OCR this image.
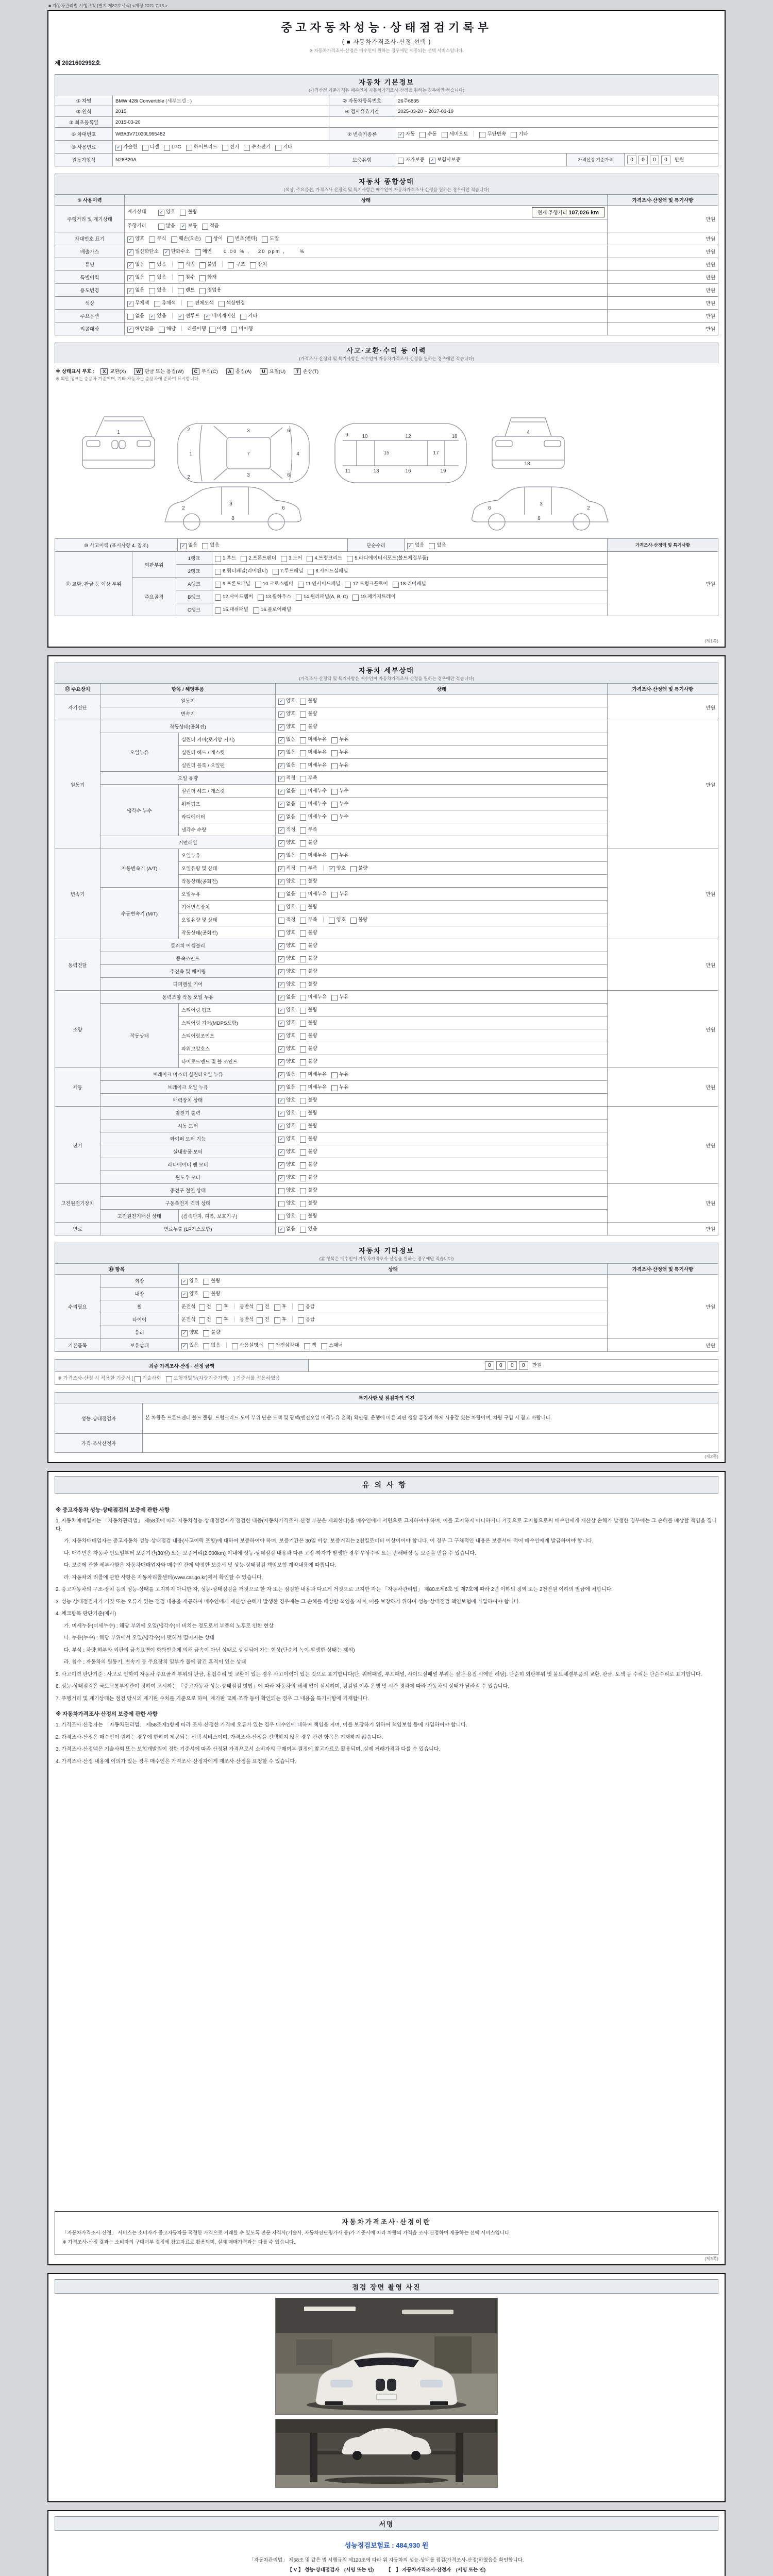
■ 자동차관리법 시행규칙 [별지 제82호서식] <개정 2021.7.13.>
중고자동차성능·상태점검기록부
( ■ 자동차가격조사·산정 선택 )
※ 자동차가격조사·산정은 매수인이 원하는 경우에만 제공되는 선택 서비스입니다.
제 2021602992호
자동차 기본정보
(가격산정 기준가격은 매수인이 자동차가격조사·산정을 원하는 경우에만 적습니다)
① 차명	BMW 428i Convertible (세부모델 : )	② 자동차등록번호	26주6835		
③ 연식	2015	④ 검사유효기간	2025-03-20 ~ 2027-03-19		
⑤ 최초등록일	2015-03-20				
⑥ 차대번호	WBA3V71030L995482	⑦ 변속기종류	✓ 자동 수동 세미오토 무단변속 기타		
⑧ 사용연료	✓ 가솔린 디젤 LPG 하이브리드 전기 수소전기 기타				
원동기형식	N26B20A	보증유형	자가보증 ✓ 보험사보증	가격산정 기준가격	0 0 0 0 만원
자동차 종합상태
(색상, 주요옵션, 가격조사·산정액 및 특기사항은 매수인이 자동차가격조사·산정을 원하는 경우에만 적습니다)
⑨ 사용이력	상태	가격조사·산정액 및 특기사항
주행거리 및 계기상태	계기상태 ✓ 양호 불량 현재 주행거리 107,026 km	만원
	주행거리 많음 ✓ 보통 적음	
차대번호 표기	✓ 양호 부식 훼손(오손) 상이 변조(변타) 도말	만원
배출가스	✓ 일산화탄소 ✓ 탄화수소 매연 0.00 % ,　 20 ppm ,　　 %	만원
튜닝	✓ 없음 있음 적법 불법 구조 장치	만원
특별이력	✓ 없음 있음 침수 화재	만원
용도변경	✓ 없음 있음 렌트 영업용	만원
색상	✓ 무채색 유채색 전체도색 색상변경	만원
주요옵션	없음 ✓ 있음 ✓ 썬루프 ✓ 네비게이션 기타	만원
리콜대상	✓ 해당없음 해당 리콜이행 이행 미이행	만원
사고·교환·수리 등 이력
(가격조사·산정액 및 특기사항은 매수인이 자동차가격조사·산정을 원하는 경우에만 적습니다)
※ 상태표시 부호 :	X 교환(X)	W 판금 또는 용접(W)	C 부식(C)	A 흠집(A)	U 요철(U)	T 손상(T)
※ 외판 랭크는 승용차 기준이며, 기타 자동차는 승용차에 준하여 표시합니다.
1
1
2
2
3
3
7
6
6
4
9	10
11
12
13
15
16
17
18
19
4
18
2
3
6
8
2
3
6
8
⑩ 사고이력 (표시사항 4. 참조)	✓ 없음	있음	단순수리	✓ 없음	있음	가격조사·산정액 및 특기사항
⑪ 교환, 판금 등 이상 부위	외판부위	1랭크	1.후드 2.프론트펜더 3.도어 4.트렁크리드 5.라디에이터서포트(볼트체결부품)	만원
		2랭크	6.쿼터패널(리어펜더) 7.루프패널 8.사이드실패널	
	주요골격	A랭크	9.프론트패널 10.크로스멤버 11.인사이드패널 17.트렁크플로어 18.리어패널	
		B랭크	12.사이드멤버 13.휠하우스 14.필러패널(A, B, C) 19.패키지트레이	
		C랭크	15.대쉬패널 16.플로어패널	
(제1쪽)
자동차 세부상태
(가격조사·산정액 및 특기사항은 매수인이 자동차가격조사·산정을 원하는 경우에만 적습니다)
⑫ 주요장치	항목 / 해당부품		상태	가격조사·산정액 및 특기사항
자기진단	원동기		✓ 양호 불량	만원
	변속기		✓ 양호 불량	
원동기	작동상태(공회전)		✓ 양호 불량	만원
	오일누유	실린더 커버(로커암 커버)	✓ 없음 미세누유 누유	
		실린더 헤드 / 개스킷	✓ 없음 미세누유 누유	
		실린더 블록 / 오일팬	✓ 없음 미세누유 누유	
	오일 유량		✓ 적정 부족	
	냉각수 누수	실린더 헤드 / 개스킷	✓ 없음 미세누수 누수	
		워터펌프	✓ 없음 미세누수 누수	
		라디에이터	✓ 없음 미세누수 누수	
		냉각수 수량	✓ 적정 부족	
	커먼레일		✓ 양호 불량	
변속기	자동변속기 (A/T)	오일누유	✓ 없음 미세누유 누유	만원
		오일유량 및 상태	✓ 적정 부족 ✓ 양호 불량	
		작동상태(공회전)	✓ 양호 불량	
	수동변속기 (M/T)	오일누유	없음 미세누유 누유	
		기어변속장치	양호 불량	
		오일유량 및 상태	적정 부족 양호 불량	
		작동상태(공회전)	양호 불량	
동력전달	클러치 어셈블리		✓ 양호 불량	만원
	등속조인트		✓ 양호 불량	
	추진축 및 베어링		✓ 양호 불량	
	디퍼렌셜 기어		✓ 양호 불량	
조향	동력조향 작동 오일 누유		✓ 없음 미세누유 누유	만원
	작동상태	스티어링 펌프	✓ 양호 불량	
		스티어링 기어(MDPS포함)	✓ 양호 불량	
		스티어링조인트	✓ 양호 불량	
		파워고압호스	✓ 양호 불량	
		타이로드엔드 및 볼 조인트	✓ 양호 불량	
제동	브레이크 마스터 실린더오일 누유		✓ 없음 미세누유 누유	만원
	브레이크 오일 누유		✓ 없음 미세누유 누유	
	배력장치 상태		✓ 양호 불량	
전기	발전기 출력		✓ 양호 불량	만원
	시동 모터		✓ 양호 불량	
	와이퍼 모터 기능		✓ 양호 불량	
	실내송풍 모터		✓ 양호 불량	
	라디에이터 팬 모터		✓ 양호 불량	
	윈도우 모터		✓ 양호 불량	
고전원전기장치	충전구 절연 상태		양호 불량	만원
	구동축전지 격리 상태		양호 불량	
	고전원전기배선 상태	(접속단자, 피복, 보호기구)	양호 불량	
연료	연료누출 (LP가스포함)		✓ 없음 있음	만원
자동차 기타정보
(⑬ 항목은 매수인이 자동차가격조사·산정을 원하는 경우에만 적습니다)
⑬ 항목		상태	가격조사·산정액 및 특기사항
수리필요	외장	✓ 양호 불량	만원
	내장	✓ 양호 불량	
	휠	운전석 전 후 동반석 전 후 응급	
	타이어	운전석 전 후 동반석 전 후 응급	
	유리	✓ 양호 불량	
기본품목	보유상태	✓ 있음 없음 사용설명서 안전삼각대 잭 스패너	만원
최종 가격조사·산정 · 선정 금액	0 0 0 0 만원
※ 가격조사·산정 시 적용한 기준서 [ 기술사회	보험개발원(차량기준가액) ] 기준서를 적용하였음
특기사항 및 점검자의 의견	
성능·상태점검자	본 차량은 프론트펜더 볼트 풀림, 트렁크리드·도어 부위 단순 도색 및 광택(엔진오일 미세누유 흔적) 확인됨. 운행에 따른 외판 생활 흠집과 하체 사용감 있는 차량이며, 차량 구입 시 참고 바랍니다.
가격·조사산정자	
(제2쪽)
유의사항
※ 중고자동차 성능·상태점검의 보증에 관한 사항
1. 자동차매매업자는 「자동차관리법」 제58조에 따라 자동차성능·상태점검자가 점검한 내용(자동차가격조사·산정 부분은 제외한다)을 매수인에게 서면으로 고지하여야 하며, 이를 고지하지 아니하거나 거짓으로 고지함으로써 매수인에게 재산상 손해가 발생한 경우에는 그 손해를 배상할 책임을 집니다.
가. 자동차매매업자는 중고자동차 성능·상태점검 내용(사고이력 포함)에 대하여 보증하여야 하며, 보증기간은 30일 이상, 보증거리는 2천킬로미터 이상이어야 합니다. 이 경우 그 구체적인 내용은 보증서에 적어 매수인에게 발급하여야 합니다.
나. 매수인은 자동차 인도일부터 보증기간(30일) 또는 보증거리(2,000km) 이내에 성능·상태점검 내용과 다른 고장·하자가 발생한 경우 무상수리 또는 손해배상 등 보증을 받을 수 있습니다.
다. 보증에 관한 세부사항은 자동차매매업자와 매수인 간에 약정한 보증서 및 성능·상태점검 책임보험 계약내용에 따릅니다.
라. 자동차의 리콜에 관한 사항은 자동차리콜센터(www.car.go.kr)에서 확인할 수 있습니다.
2. 중고자동차의 구조·장치 등의 성능·상태를 고지하지 아니한 자, 성능·상태점검을 거짓으로 한 자 또는 점검한 내용과 다르게 거짓으로 고지한 자는 「자동차관리법」 제80조제6호 및 제7호에 따라 2년 이하의 징역 또는 2천만원 이하의 벌금에 처합니다.
3. 성능·상태점검자가 거짓 또는 오류가 있는 점검 내용을 제공하여 매수인에게 재산상 손해가 발생한 경우에는 그 손해를 배상할 책임을 지며, 이를 보장하기 위하여 성능·상태점검 책임보험에 가입하여야 합니다.
4. 체크항목 판단기준(예시)
가. 미세누유(미세누수) : 해당 부위에 오일(냉각수)이 비치는 정도로서 부품의 노후로 인한 현상
나. 누유(누수) : 해당 부위에서 오일(냉각수)이 맺혀서 떨어지는 상태
다. 부식 : 차량 하부와 외판의 금속표면이 화학반응에 의해 금속이 아닌 상태로 상실되어 가는 현상(단순히 녹이 발생한 상태는 제외)
라. 침수 : 자동차의 원동기, 변속기 등 주요장치 일부가 물에 잠긴 흔적이 있는 상태
5. 사고이력 판단기준 : 사고로 인하여 자동차 주요골격 부위의 판금, 용접수리 및 교환이 있는 경우 사고이력이 있는 것으로 표기합니다(단, 쿼터패널, 루프패널, 사이드실패널 부위는 절단·용접 시에만 해당). 단순히 외판부위 및 볼트체결부품의 교환, 판금, 도색 등 수리는 단순수리로 표기합니다.
6. 성능·상태점검은 국토교통부장관이 정하여 고시하는 「중고자동차 성능·상태점검 방법」에 따라 자동차의 해체 없이 실시하며, 점검일 이후 운행 및 시간 경과에 따라 자동차의 상태가 달라질 수 있습니다.
7. 주행거리 및 계기상태는 점검 당시의 계기판 수치를 기준으로 하며, 계기판 교체·조작 등이 확인되는 경우 그 내용을 특기사항에 기재합니다.
※ 자동차가격조사·산정의 보증에 관한 사항
1. 가격조사·산정자는 「자동차관리법」 제58조제1항에 따라 조사·산정한 가격에 오류가 있는 경우 매수인에 대하여 책임을 지며, 이를 보장하기 위하여 책임보험 등에 가입하여야 합니다.
2. 가격조사·산정은 매수인이 원하는 경우에 한하여 제공되는 선택 서비스이며, 가격조사·산정을 선택하지 않은 경우 관련 항목은 기재하지 않습니다.
3. 가격조사·산정액은 기술사회 또는 보험개발원이 정한 기준서에 따라 산정된 가격으로서 소비자의 구매여부 결정에 참고자료로 활용되며, 실제 거래가격과 다를 수 있습니다.
4. 가격조사·산정 내용에 이의가 있는 경우 매수인은 가격조사·산정자에게 재조사·산정을 요청할 수 있습니다.
자동차가격조사·산정이란
「자동차가격조사·산정」 서비스는 소비자가 중고자동차를 적정한 가격으로 거래할 수 있도록 전문 자격사(기술사, 자동차진단평가사 등)가 기준서에 따라 차량의 가격을 조사·산정하여 제공하는 선택 서비스입니다.
※ 가격조사·산정 결과는 소비자의 구매여부 결정에 참고자료로 활용되며, 실제 매매가격과는 다를 수 있습니다.
(제3쪽)
점검 장면 촬영 사진
서명
성능점검보험료 : 484,930 원
「자동차관리법」 제58조 및 같은 법 시행규칙 제120조에 따라 위 자동차의 성능·상태를 점검(가격조사·산정)하였음을 확인합니다.
【 V 】 성능·상태점검자　(서명 또는 인)　　　【　】 자동차가격조사·산정자　(서명 또는 인)
